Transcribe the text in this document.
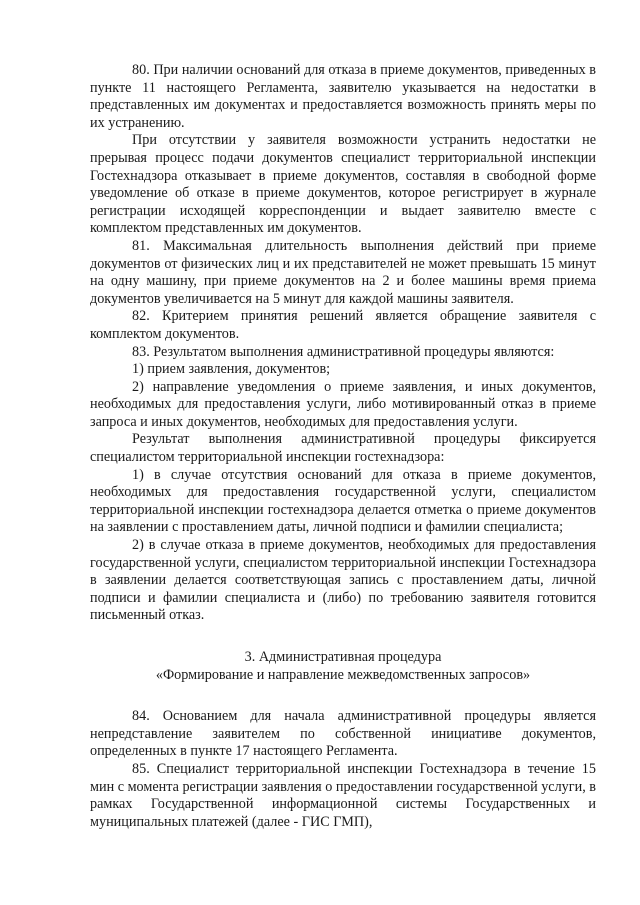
80. При наличии оснований для отказа в приеме документов, приведенных в пункте 11 настоящего Регламента, заявителю указывается на недостатки в представленных им документах и предоставляется возможность принять меры по их устранению.

При отсутствии у заявителя возможности устранить недостатки не прерывая процесс подачи документов специалист территориальной инспекции Гостехнадзора отказывает в приеме документов, составляя в свободной форме уведомление об отказе в приеме документов, которое регистрирует в журнале регистрации исходящей корреспонденции и выдает заявителю вместе с комплектом представленных им документов.

81. Максимальная длительность выполнения действий при приеме документов от физических лиц и их представителей не может превышать 15 минут на одну машину, при приеме документов на 2 и более машины время приема документов увеличивается на 5 минут для каждой машины заявителя.

82. Критерием принятия решений является обращение заявителя с комплектом документов.

83. Результатом выполнения административной процедуры являются:

1) прием заявления, документов;

2) направление уведомления о приеме заявления, и иных документов, необходимых для предоставления услуги, либо мотивированный отказ в приеме запроса и иных документов, необходимых для предоставления услуги.

Результат выполнения административной процедуры фиксируется специалистом территориальной инспекции гостехнадзора:

1) в случае отсутствия оснований для отказа в приеме документов, необходимых для предоставления государственной услуги, специалистом территориальной инспекции гостехнадзора делается отметка о приеме документов на заявлении с проставлением даты, личной подписи и фамилии специалиста;

2) в случае отказа в приеме документов, необходимых для предоставления государственной услуги, специалистом территориальной инспекции Гостехнадзора в заявлении делается соответствующая запись с проставлением даты, личной подписи и фамилии специалиста и (либо) по требованию заявителя готовится письменный отказ.

3. Административная процедура

«Формирование и направление межведомственных запросов»

84. Основанием для начала административной процедуры является непредставление заявителем по собственной инициативе документов, определенных в пункте 17 настоящего Регламента.

85. Специалист территориальной инспекции Гостехнадзора в течение 15 мин с момента регистрации заявления о предоставлении государственной услуги, в рамках Государственной информационной системы Государственных и муниципальных платежей (далее - ГИС ГМП),
